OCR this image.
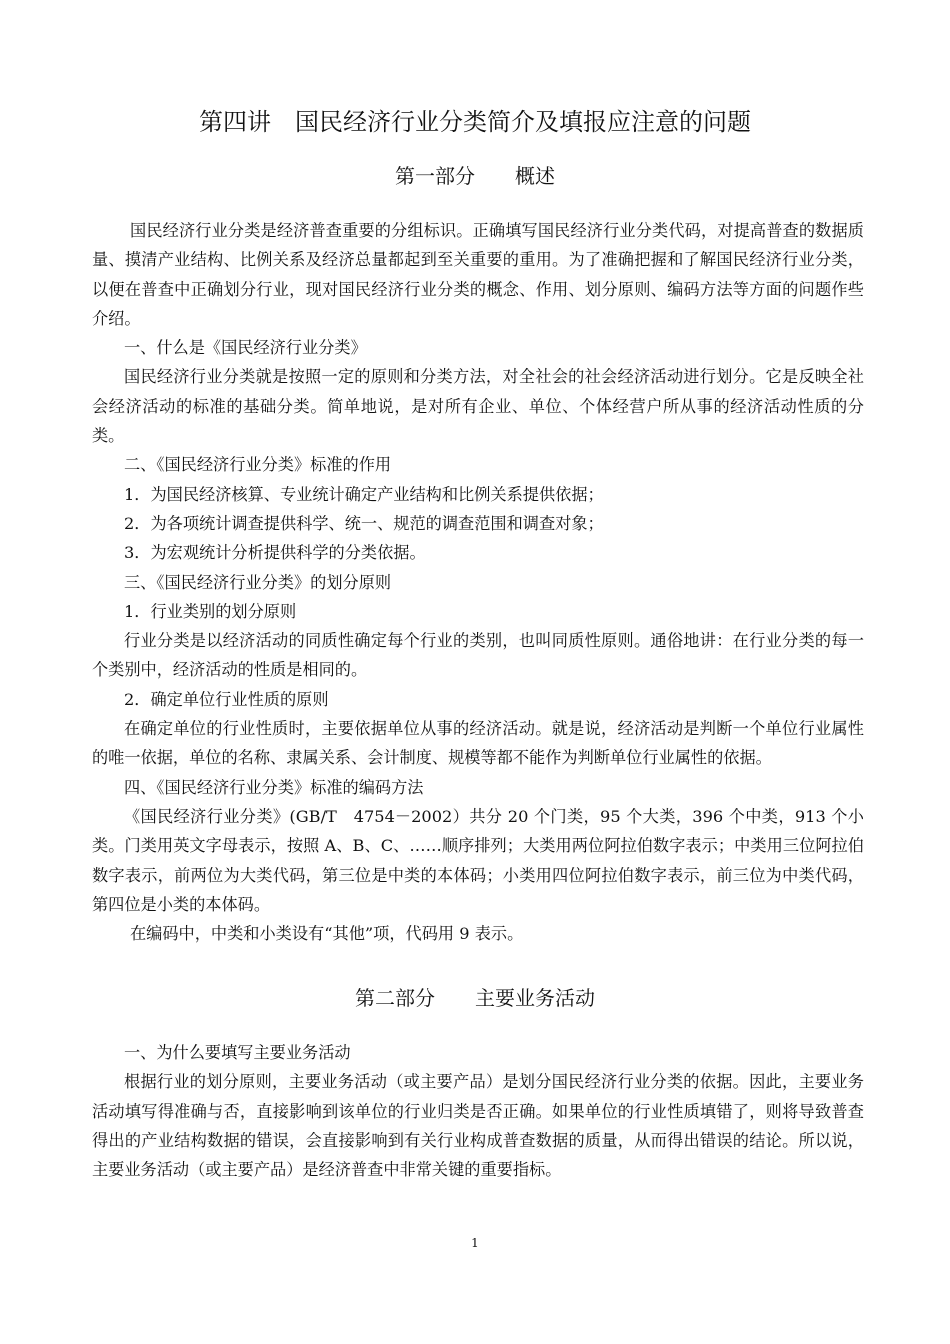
第四讲　国民经济行业分类简介及填报应注意的问题
第一部分　　概述

国民经济行业分类是经济普查重要的分组标识。正确填写国民经济行业分类代码，对提高普查的数据质量、摸清产业结构、比例关系及经济总量都起到至关重要的重用。为了准确把握和了解国民经济行业分类，以便在普查中正确划分行业，现对国民经济行业分类的概念、作用、划分原则、编码方法等方面的问题作些介绍。

一、什么是《国民经济行业分类》

国民经济行业分类就是按照一定的原则和分类方法，对全社会的社会经济活动进行划分。它是反映全社会经济活动的标准的基础分类。简单地说，是对所有企业、单位、个体经营户所从事的经济活动性质的分类。

二、《国民经济行业分类》标准的作用

1．为国民经济核算、专业统计确定产业结构和比例关系提供依据；

2．为各项统计调查提供科学、统一、规范的调查范围和调查对象；

3．为宏观统计分析提供科学的分类依据。

三、《国民经济行业分类》的划分原则

1．行业类别的划分原则

行业分类是以经济活动的同质性确定每个行业的类别，也叫同质性原则。通俗地讲：在行业分类的每一个类别中，经济活动的性质是相同的。

2．确定单位行业性质的原则

在确定单位的行业性质时，主要依据单位从事的经济活动。就是说，经济活动是判断一个单位行业属性的唯一依据，单位的名称、隶属关系、会计制度、规模等都不能作为判断单位行业属性的依据。

四、《国民经济行业分类》标准的编码方法

《国民经济行业分类》(GB/T　4754－2002）共分 20 个门类，95 个大类，396 个中类，913 个小类。门类用英文字母表示，按照 A、B、C、……顺序排列；大类用两位阿拉伯数字表示；中类用三位阿拉伯数字表示，前两位为大类代码，第三位是中类的本体码；小类用四位阿拉伯数字表示，前三位为中类代码，第四位是小类的本体码。

在编码中，中类和小类设有“其他”项，代码用 9 表示。

第二部分　　主要业务活动

一、为什么要填写主要业务活动

根据行业的划分原则，主要业务活动（或主要产品）是划分国民经济行业分类的依据。因此，主要业务活动填写得准确与否，直接影响到该单位的行业归类是否正确。如果单位的行业性质填错了，则将导致普查得出的产业结构数据的错误，会直接影响到有关行业构成普查数据的质量，从而得出错误的结论。所以说，主要业务活动（或主要产品）是经济普查中非常关键的重要指标。

1
